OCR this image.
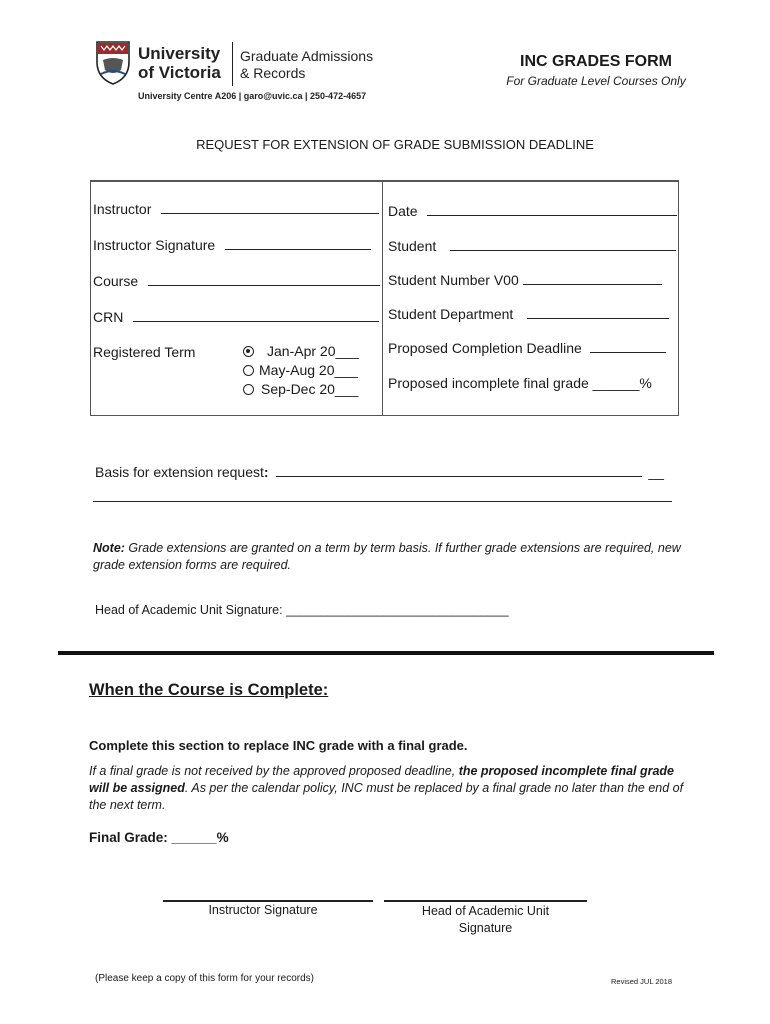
University
of Victoria
Graduate Admissions
& Records
University Centre A206 | garo@uvic.ca | 250-472-4657
INC GRADES FORM
For Graduate Level Courses Only
REQUEST FOR EXTENSION OF GRADE SUBMISSION DEADLINE
Instructor
Instructor Signature
Course
CRN
Registered Term	Jan-Apr 20___
May-Aug 20___
Sep-Dec 20___
Date
Student
Student Number V00
Student Department
Proposed Completion Deadline
Proposed incomplete final grade ______%
Basis for extension request:	__
Note: Grade extensions are granted on a term by term basis. If further grade extensions are required, new grade extension forms are required.
Head of Academic Unit Signature: ________________________________
When the Course is Complete:
Complete this section to replace INC grade with a final grade.
If a final grade is not received by the approved proposed deadline, the proposed incomplete final grade will be assigned. As per the calendar policy, INC must be replaced by a final grade no later than the end of the next term.
Final Grade: ______%
Instructor Signature	Head of Academic Unit
Signature
(Please keep a copy of this form for your records)	Revised JUL 2018
